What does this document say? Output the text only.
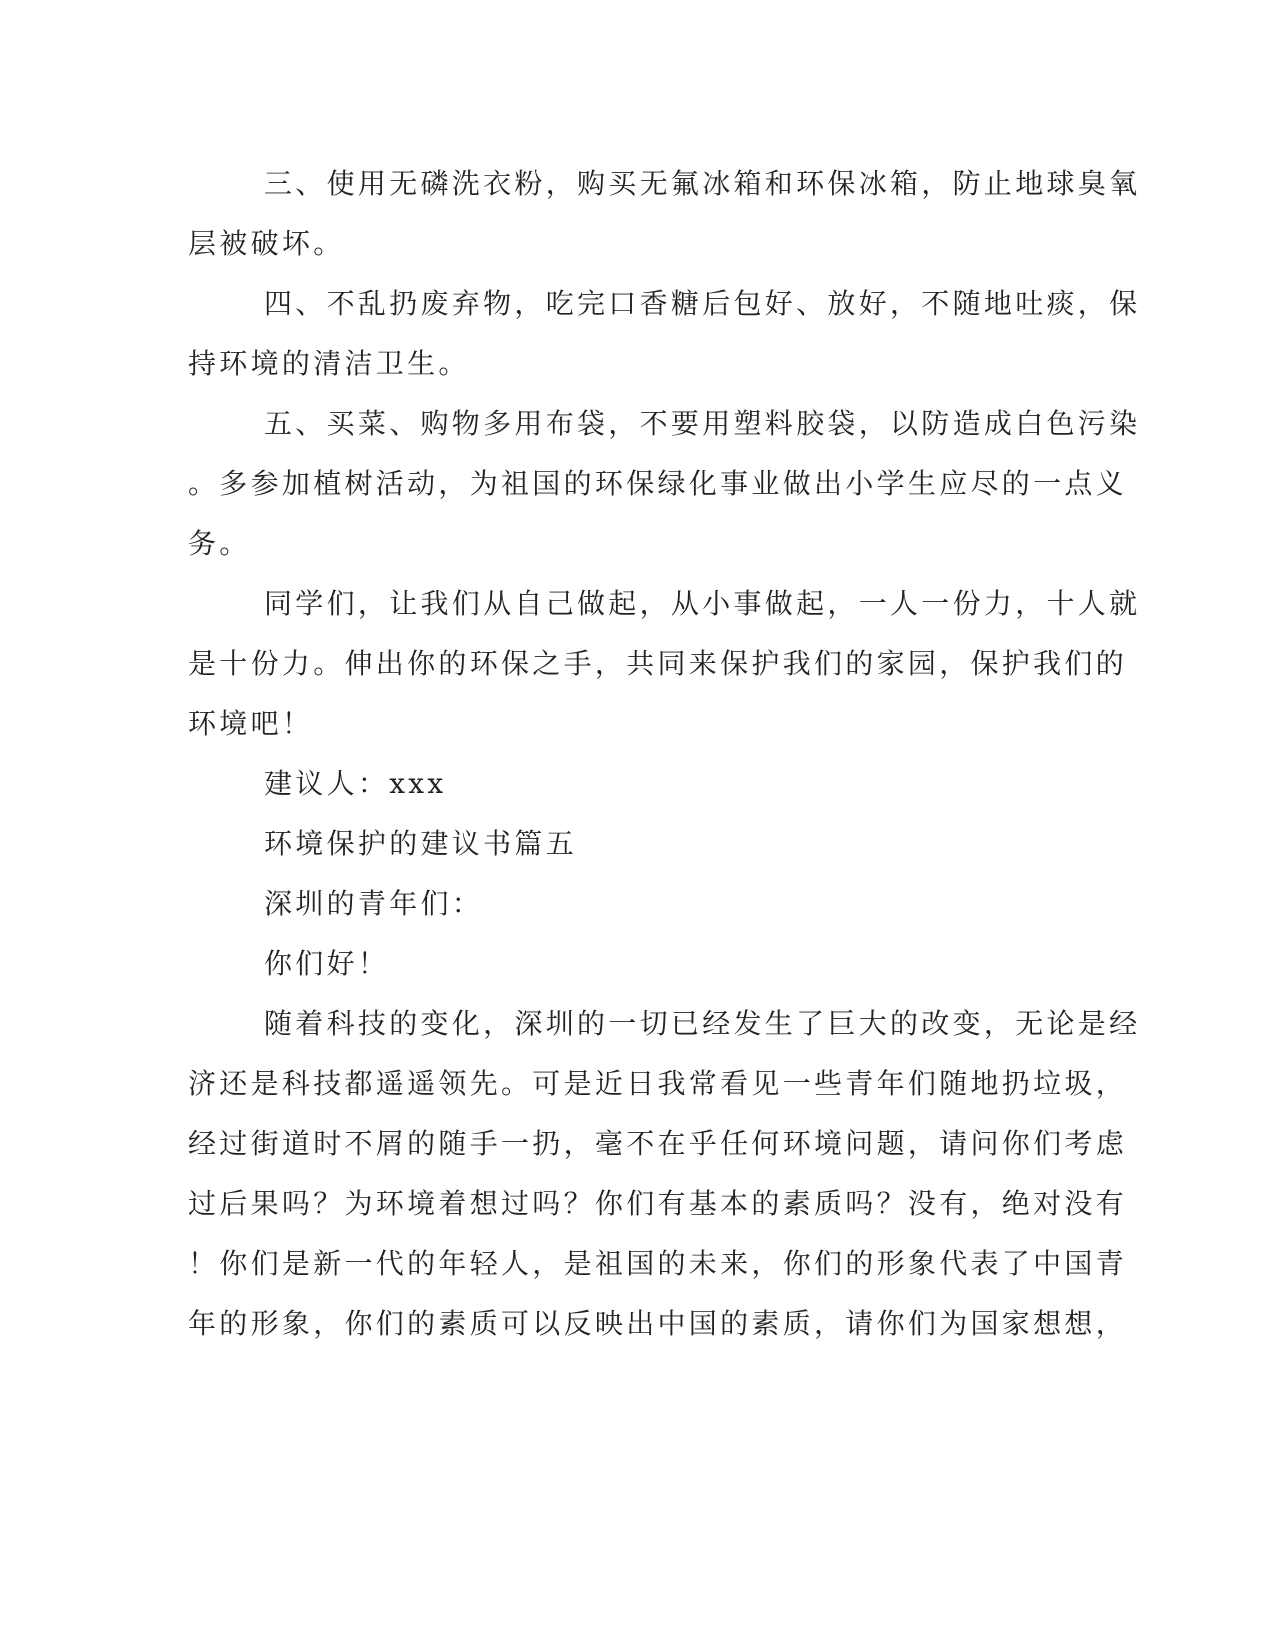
三、使用无磷洗衣粉，购买无氟冰箱和环保冰箱，防止地球臭氧
层被破坏。
四、不乱扔废弃物，吃完口香糖后包好、放好，不随地吐痰，保
持环境的清洁卫生。
五、买菜、购物多用布袋，不要用塑料胶袋，以防造成白色污染
。多参加植树活动，为祖国的环保绿化事业做出小学生应尽的一点义
务。
同学们，让我们从自己做起，从小事做起，一人一份力，十人就
是十份力。伸出你的环保之手，共同来保护我们的家园，保护我们的
环境吧！
建议人：xxx
环境保护的建议书篇五
深圳的青年们：
你们好！
随着科技的变化，深圳的一切已经发生了巨大的改变，无论是经
济还是科技都遥遥领先。可是近日我常看见一些青年们随地扔垃圾，
经过街道时不屑的随手一扔，毫不在乎任何环境问题，请问你们考虑
过后果吗？为环境着想过吗？你们有基本的素质吗？没有，绝对没有
！你们是新一代的年轻人，是祖国的未来，你们的形象代表了中国青
年的形象，你们的素质可以反映出中国的素质，请你们为国家想想，
